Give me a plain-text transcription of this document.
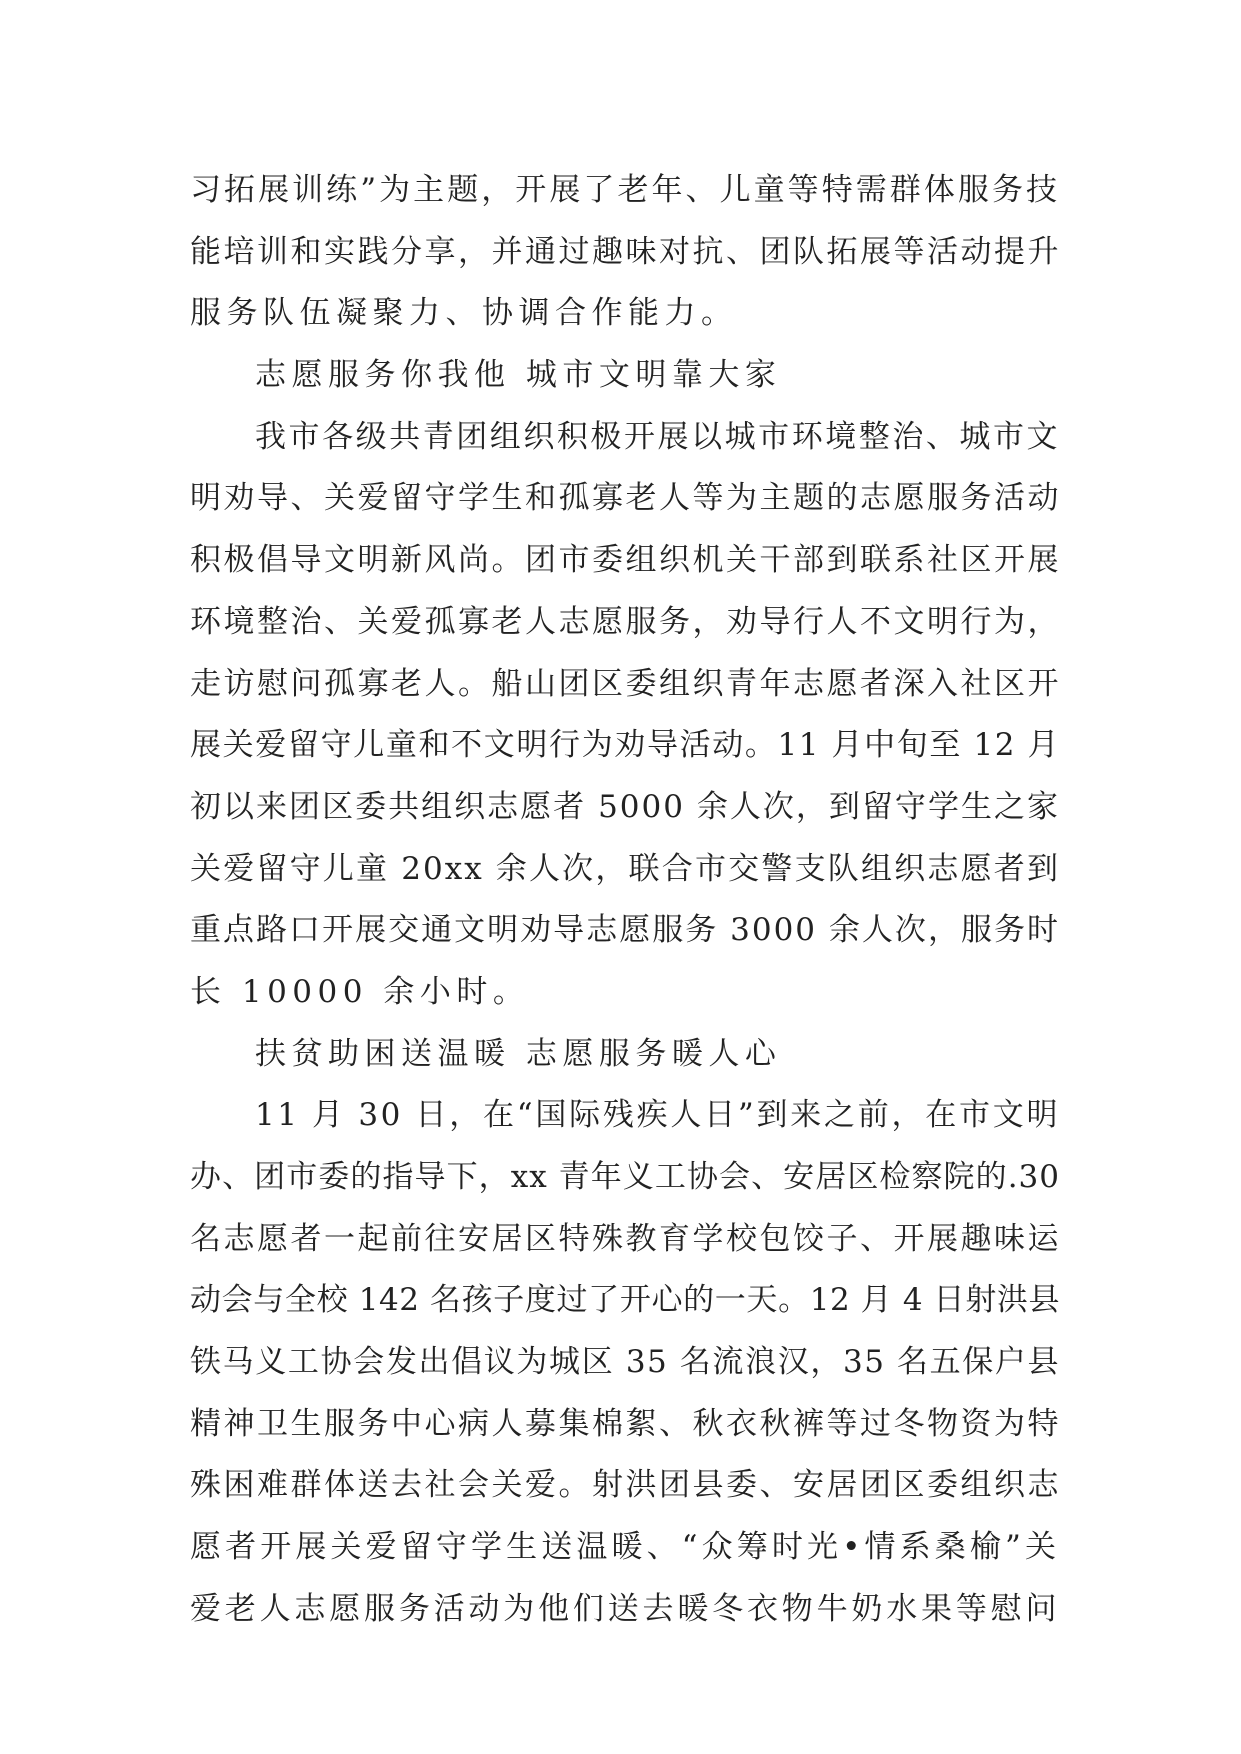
习拓展训练”为主题，开展了老年、儿童等特需群体服务技
能培训和实践分享，并通过趣味对抗、团队拓展等活动提升
服务队伍凝聚力、协调合作能力。
志愿服务你我他 城市文明靠大家
我市各级共青团组织积极开展以城市环境整治、城市文
明劝导、关爱留守学生和孤寡老人等为主题的志愿服务活动
积极倡导文明新风尚。团市委组织机关干部到联系社区开展
环境整治、关爱孤寡老人志愿服务，劝导行人不文明行为，
走访慰问孤寡老人。船山团区委组织青年志愿者深入社区开
展关爱留守儿童和不文明行为劝导活动。11 月中旬至 12 月
初以来团区委共组织志愿者 5000 余人次，到留守学生之家
关爱留守儿童 20xx 余人次，联合市交警支队组织志愿者到
重点路口开展交通文明劝导志愿服务 3000 余人次，服务时
长 10000 余小时。
扶贫助困送温暖 志愿服务暖人心
11 月 30 日，在“国际残疾人日”到来之前，在市文明
办、团市委的指导下，xx 青年义工协会、安居区检察院的.30
名志愿者一起前往安居区特殊教育学校包饺子、开展趣味运
动会与全校 142 名孩子度过了开心的一天。12 月 4 日射洪县
铁马义工协会发出倡议为城区 35 名流浪汉，35 名五保户县
精神卫生服务中心病人募集棉絮、秋衣秋裤等过冬物资为特
殊困难群体送去社会关爱。射洪团县委、安居团区委组织志
愿者开展关爱留守学生送温暖、“众筹时光•情系桑榆”关
爱老人志愿服务活动为他们送去暖冬衣物牛奶水果等慰问
